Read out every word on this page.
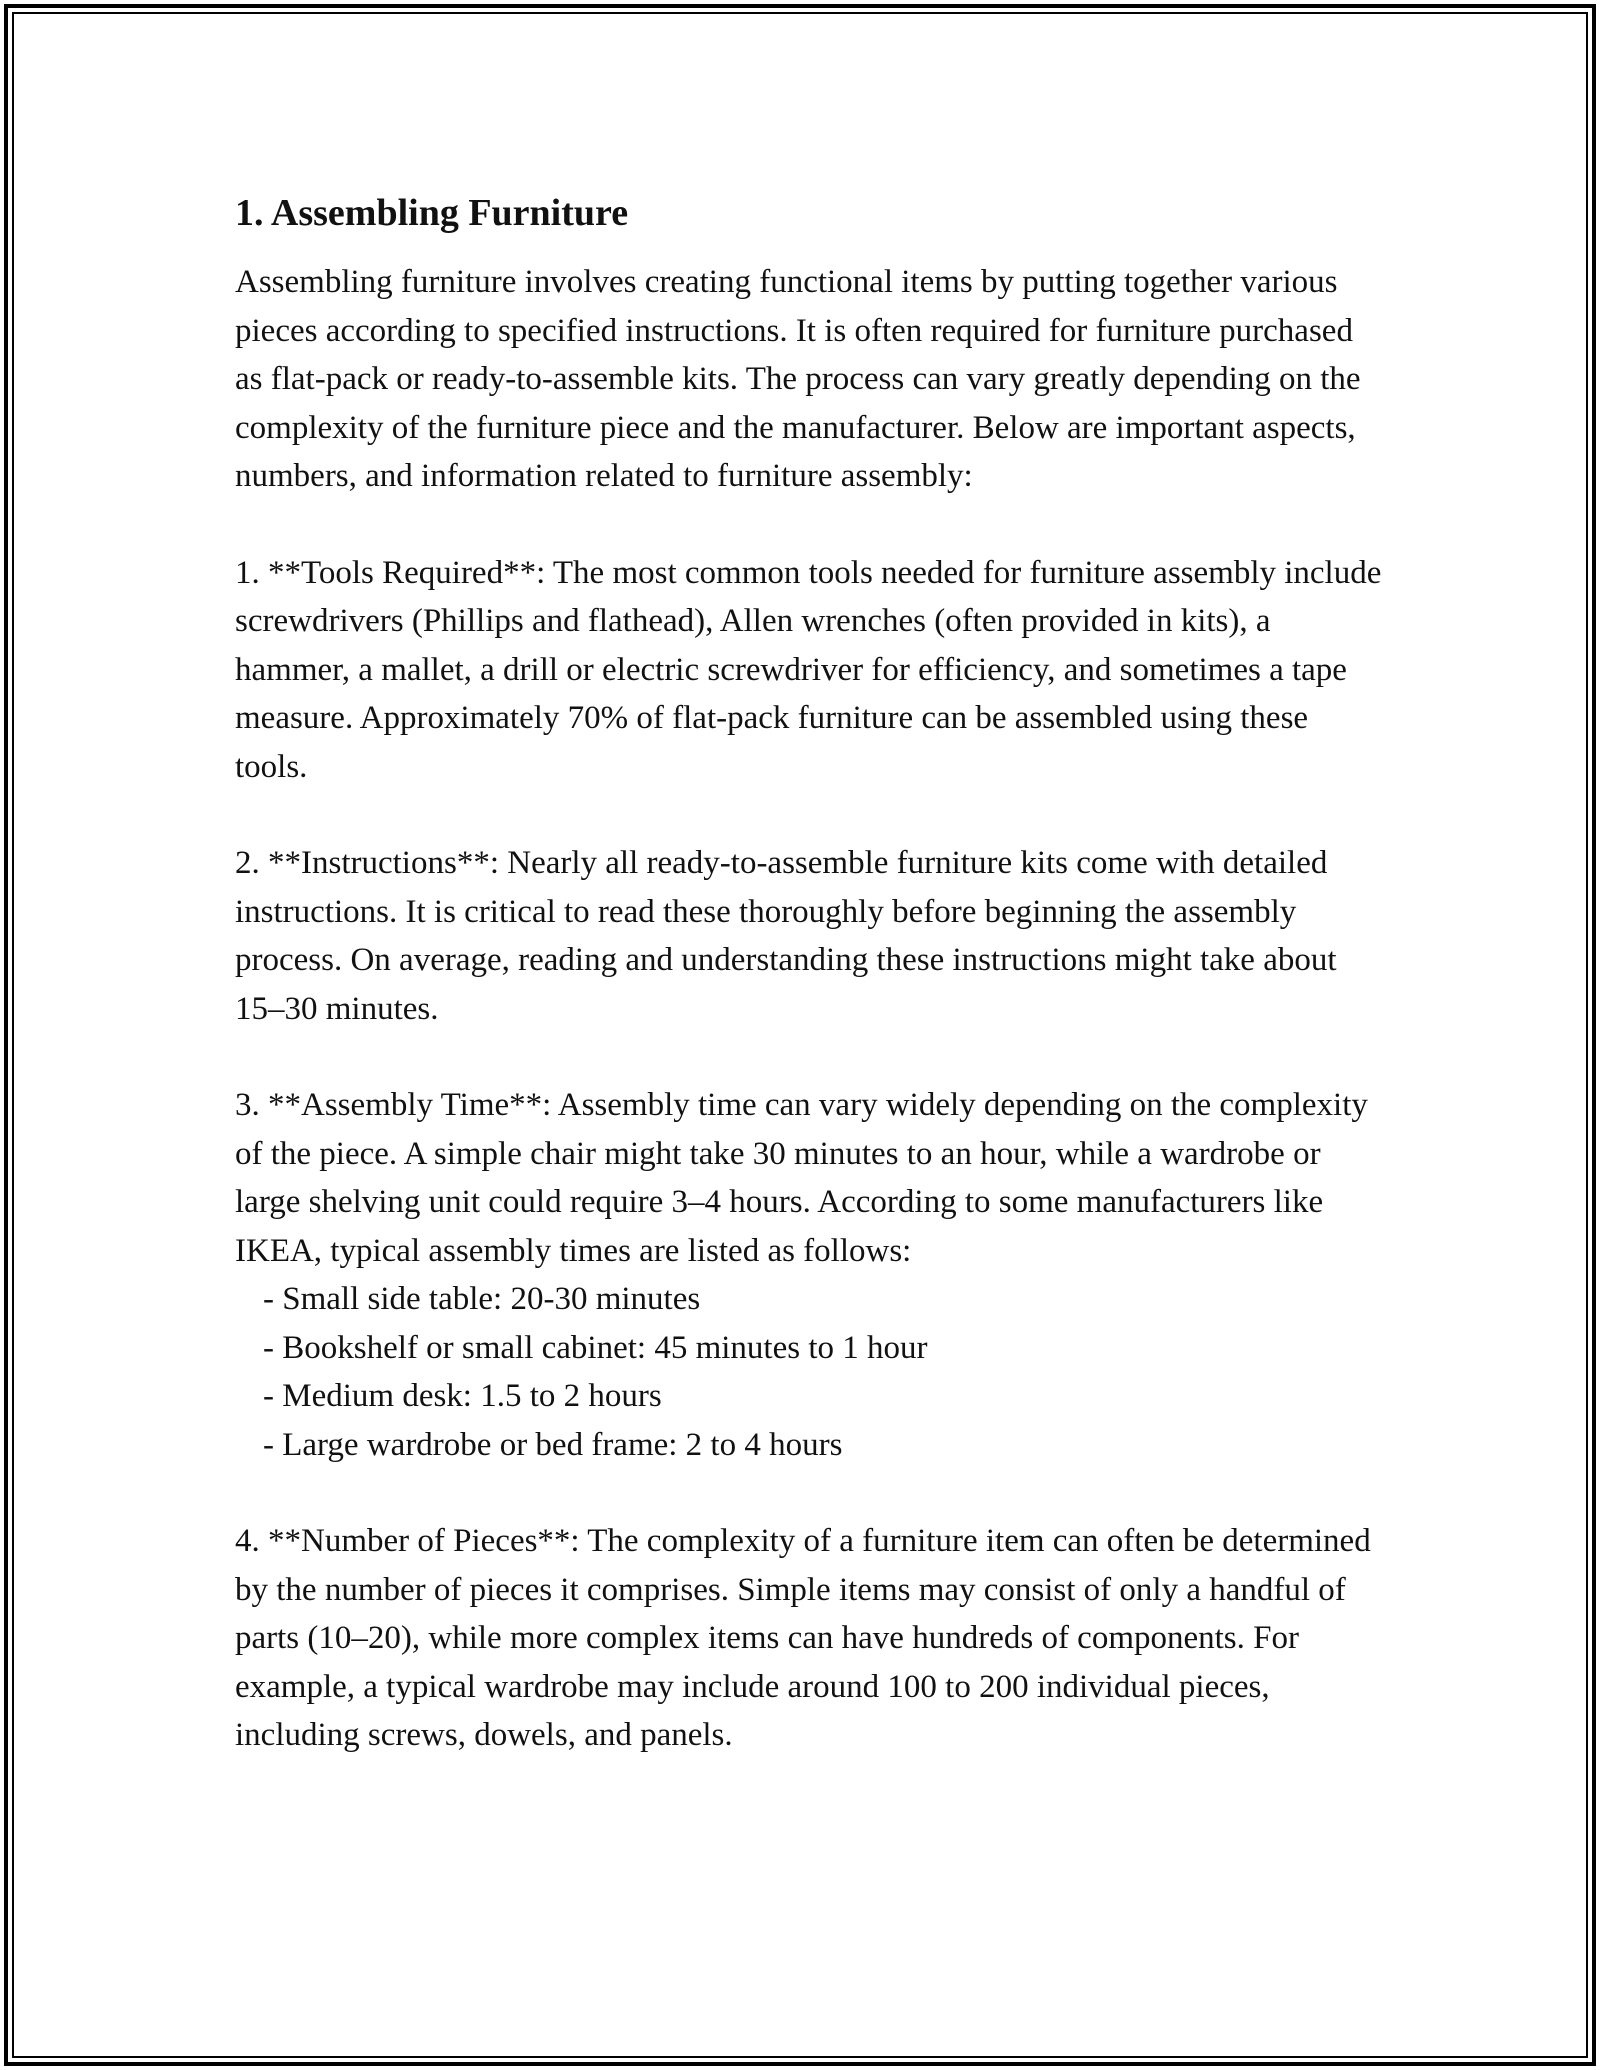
1. Assembling Furniture

Assembling furniture involves creating functional items by putting together various pieces according to specified instructions. It is often required for furniture purchased as flat-pack or ready-to-assemble kits. The process can vary greatly depending on the complexity of the furniture piece and the manufacturer. Below are important aspects, numbers, and information related to furniture assembly:

1. **Tools Required**: The most common tools needed for furniture assembly include screwdrivers (Phillips and flathead), Allen wrenches (often provided in kits), a hammer, a mallet, a drill or electric screwdriver for efficiency, and sometimes a tape measure. Approximately 70% of flat-pack furniture can be assembled using these tools.

2. **Instructions**: Nearly all ready-to-assemble furniture kits come with detailed instructions. It is critical to read these thoroughly before beginning the assembly process. On average, reading and understanding these instructions might take about 15–30 minutes.

3. **Assembly Time**: Assembly time can vary widely depending on the complexity of the piece. A simple chair might take 30 minutes to an hour, while a wardrobe or large shelving unit could require 3–4 hours. According to some manufacturers like IKEA, typical assembly times are listed as follows:
- Small side table: 20-30 minutes
- Bookshelf or small cabinet: 45 minutes to 1 hour
- Medium desk: 1.5 to 2 hours
- Large wardrobe or bed frame: 2 to 4 hours

4. **Number of Pieces**: The complexity of a furniture item can often be determined by the number of pieces it comprises. Simple items may consist of only a handful of parts (10–20), while more complex items can have hundreds of components. For example, a typical wardrobe may include around 100 to 200 individual pieces, including screws, dowels, and panels.
